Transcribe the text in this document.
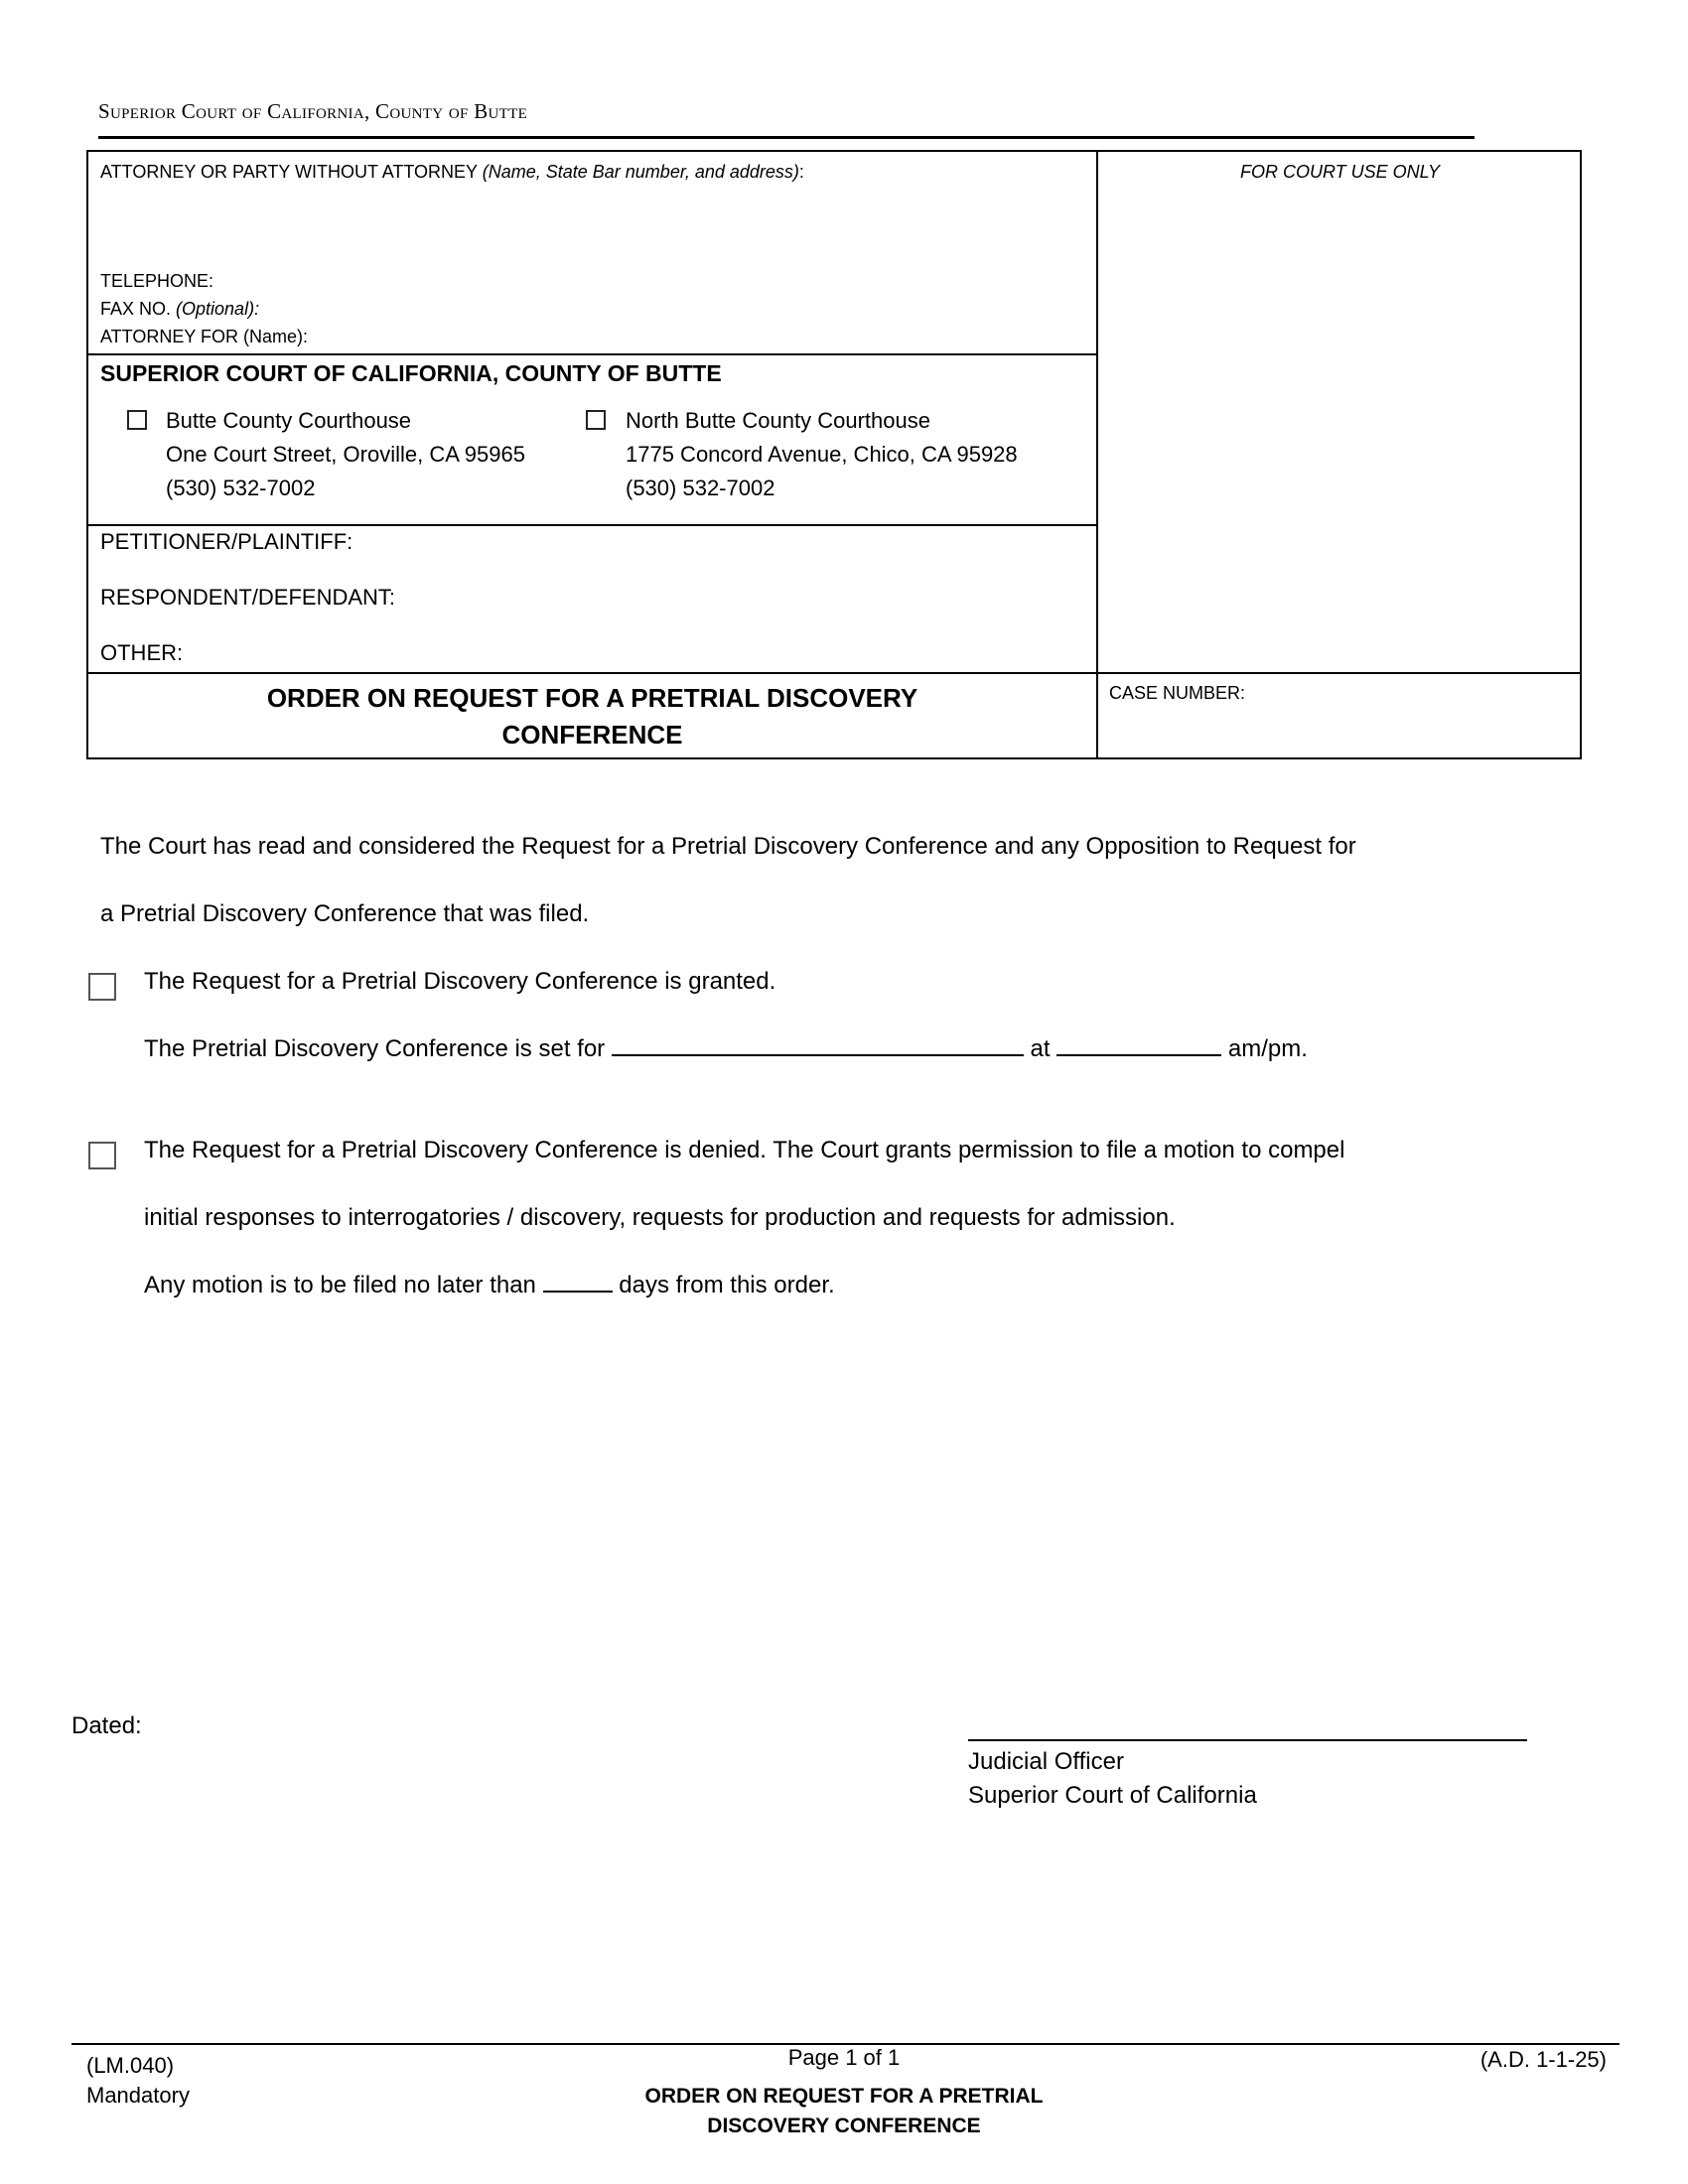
Superior Court of California, County of Butte
ATTORNEY OR PARTY WITHOUT ATTORNEY (Name, State Bar number, and address):	FOR COURT USE ONLY
TELEPHONE:
FAX NO. (Optional):
ATTORNEY FOR (Name):
SUPERIOR COURT OF CALIFORNIA, COUNTY OF BUTTE
Butte County Courthouse
One Court Street, Oroville, CA 95965
(530) 532-7002
North Butte County Courthouse
1775 Concord Avenue, Chico, CA 95928
(530) 532-7002
PETITIONER/PLAINTIFF:
RESPONDENT/DEFENDANT:
OTHER:
ORDER ON REQUEST FOR A PRETRIAL DISCOVERY
CONFERENCE
CASE NUMBER:
The Court has read and considered the Request for a Pretrial Discovery Conference and any Opposition to Request for
a Pretrial Discovery Conference that was filed.
The Request for a Pretrial Discovery Conference is granted.
The Pretrial Discovery Conference is set for	at	am/pm.
The Request for a Pretrial Discovery Conference is denied. The Court grants permission to file a motion to compel
initial responses to interrogatories / discovery, requests for production and requests for admission.
Any motion is to be filed no later than	days from this order.
Dated:
Judicial Officer
Superior Court of California
(LM.040)
Mandatory
Page 1 of 1
ORDER ON REQUEST FOR A PRETRIAL
DISCOVERY CONFERENCE
(A.D. 1-1-25)
